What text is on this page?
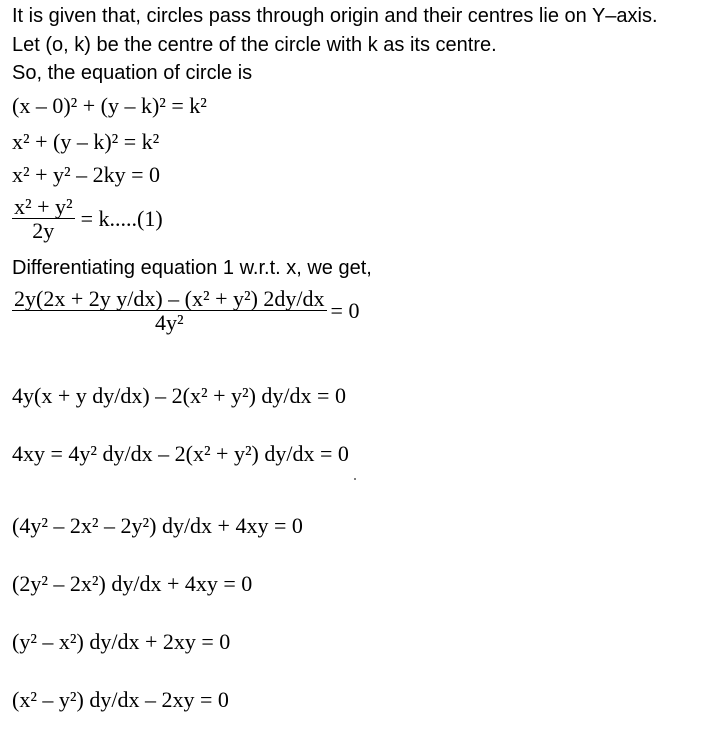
It is given that, circles pass through origin and their centres lie on Y–axis.
Let (o, k) be the centre of the circle with k as its centre.
So, the equation of circle is
(x – 0)² + (y – k)² = k²
x² + (y – k)² = k²
x² + y² – 2ky = 0
$\frac{\text{x² + y²}}{2y} = k.....(1)$
Differentiating equation 1 w.r.t. x, we get,
$\frac{\text{2y(2x + 2y y/dx) – (x² + y²) 2dy/dx}}{\text{4y²}} = 0$
4y(x + y dy/dx) – 2(x² + y²) dy/dx = 0
4xy = 4y² dy/dx – 2(x² + y²) dy/dx = 0
(4y² – 2x² – 2y²) dy/dx + 4xy = 0
(2y² – 2x²) dy/dx + 4xy = 0
(y² – x²) dy/dx + 2xy = 0
(x² – y²) dy/dx – 2xy = 0
